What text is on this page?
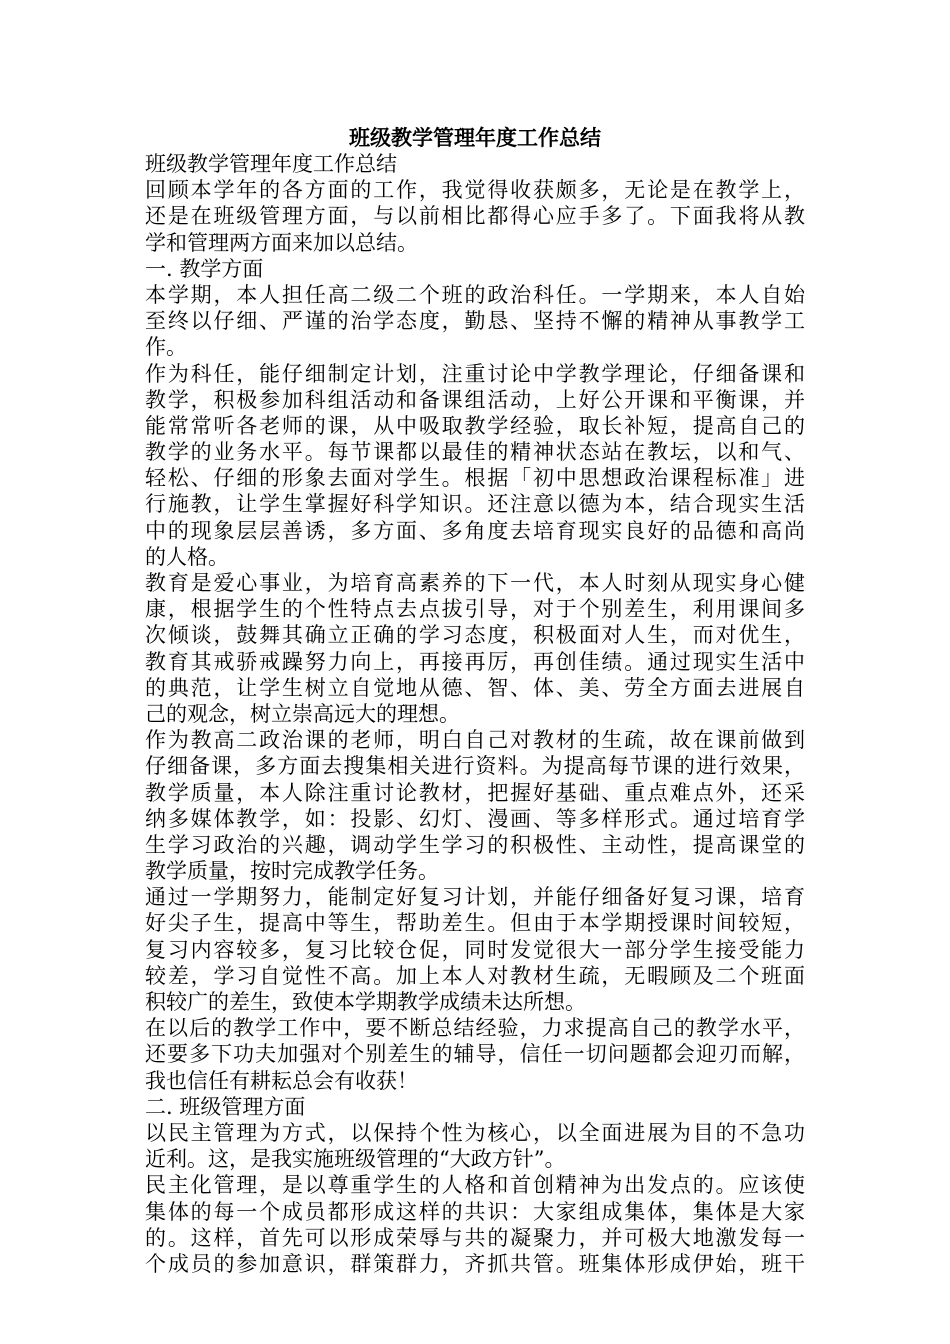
班级教学管理年度工作总结
班级教学管理年度工作总结
回顾本学年的各方面的工作，我觉得收获颇多，无论是在教学上，
还是在班级管理方面，与以前相比都得心应手多了。下面我将从教
学和管理两方面来加以总结。
一. 教学方面
本学期，本人担任高二级二个班的政治科任。一学期来，本人自始
至终以仔细、严谨的治学态度，勤恳、坚持不懈的精神从事教学工
作。
作为科任，能仔细制定计划，注重讨论中学教学理论，仔细备课和
教学，积极参加科组活动和备课组活动，上好公开课和平衡课，并
能常常听各老师的课，从中吸取教学经验，取长补短，提高自己的
教学的业务水平。每节课都以最佳的精神状态站在教坛，以和气、
轻松、仔细的形象去面对学生。根据「初中思想政治课程标准」进
行施教，让学生掌握好科学知识。还注意以德为本，结合现实生活
中的现象层层善诱，多方面、多角度去培育现实良好的品德和高尚
的人格。
教育是爱心事业，为培育高素养的下一代，本人时刻从现实身心健
康，根据学生的个性特点去点拔引导，对于个别差生，利用课间多
次倾谈，鼓舞其确立正确的学习态度，积极面对人生，而对优生，
教育其戒骄戒躁努力向上，再接再厉，再创佳绩。通过现实生活中
的典范，让学生树立自觉地从德、智、体、美、劳全方面去进展自
己的观念，树立崇高远大的理想。
作为教高二政治课的老师，明白自己对教材的生疏，故在课前做到
仔细备课，多方面去搜集相关进行资料。为提高每节课的进行效果，
教学质量，本人除注重讨论教材，把握好基础、重点难点外，还采
纳多媒体教学，如：投影、幻灯、漫画、等多样形式。通过培育学
生学习政治的兴趣，调动学生学习的积极性、主动性，提高课堂的
教学质量，按时完成教学任务。
通过一学期努力，能制定好复习计划，并能仔细备好复习课，培育
好尖子生，提高中等生，帮助差生。但由于本学期授课时间较短，
复习内容较多，复习比较仓促，同时发觉很大一部分学生接受能力
较差，学习自觉性不高。加上本人对教材生疏，无暇顾及二个班面
积较广的差生，致使本学期教学成绩未达所想。
在以后的教学工作中，要不断总结经验，力求提高自己的教学水平，
还要多下功夫加强对个别差生的辅导，信任一切问题都会迎刃而解，
我也信任有耕耘总会有收获！
二. 班级管理方面
以民主管理为方式，以保持个性为核心，以全面进展为目的不急功
近利。这，是我实施班级管理的“大政方针”。
民主化管理，是以尊重学生的人格和首创精神为出发点的。应该使
集体的每一个成员都形成这样的共识：大家组成集体，集体是大家
的。这样，首先可以形成荣辱与共的凝聚力，并可极大地激发每一
个成员的参加意识，群策群力，齐抓共管。班集体形成伊始，班干
